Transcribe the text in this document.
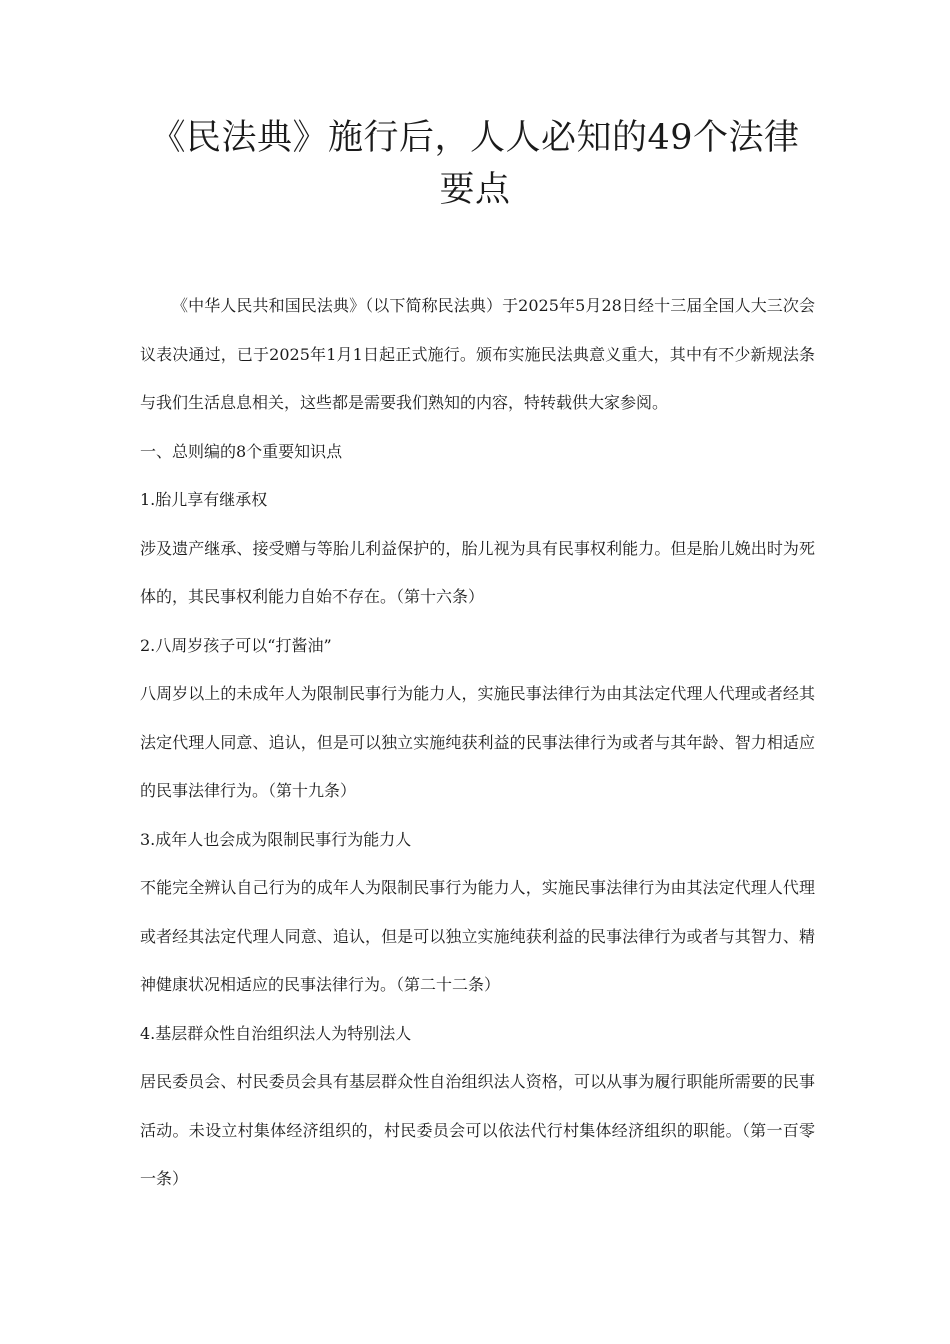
《民法典》施行后，人人必知的49个法律
要点

《中华人民共和国民法典》（以下简称民法典）于2025年5月28日经十三届全国人大三次会议表决通过，已于2025年1月1日起正式施行。颁布实施民法典意义重大，其中有不少新规法条与我们生活息息相关，这些都是需要我们熟知的内容，特转载供大家参阅。

一、总则编的8个重要知识点

1.胎儿享有继承权

涉及遗产继承、接受赠与等胎儿利益保护的，胎儿视为具有民事权利能力。但是胎儿娩出时为死体的，其民事权利能力自始不存在。（第十六条）

2.八周岁孩子可以“打酱油”

八周岁以上的未成年人为限制民事行为能力人，实施民事法律行为由其法定代理人代理或者经其法定代理人同意、追认，但是可以独立实施纯获利益的民事法律行为或者与其年龄、智力相适应的民事法律行为。（第十九条）

3.成年人也会成为限制民事行为能力人

不能完全辨认自己行为的成年人为限制民事行为能力人，实施民事法律行为由其法定代理人代理或者经其法定代理人同意、追认，但是可以独立实施纯获利益的民事法律行为或者与其智力、精神健康状况相适应的民事法律行为。（第二十二条）

4.基层群众性自治组织法人为特别法人

居民委员会、村民委员会具有基层群众性自治组织法人资格，可以从事为履行职能所需要的民事活动。未设立村集体经济组织的，村民委员会可以依法代行村集体经济组织的职能。（第一百零一条）
